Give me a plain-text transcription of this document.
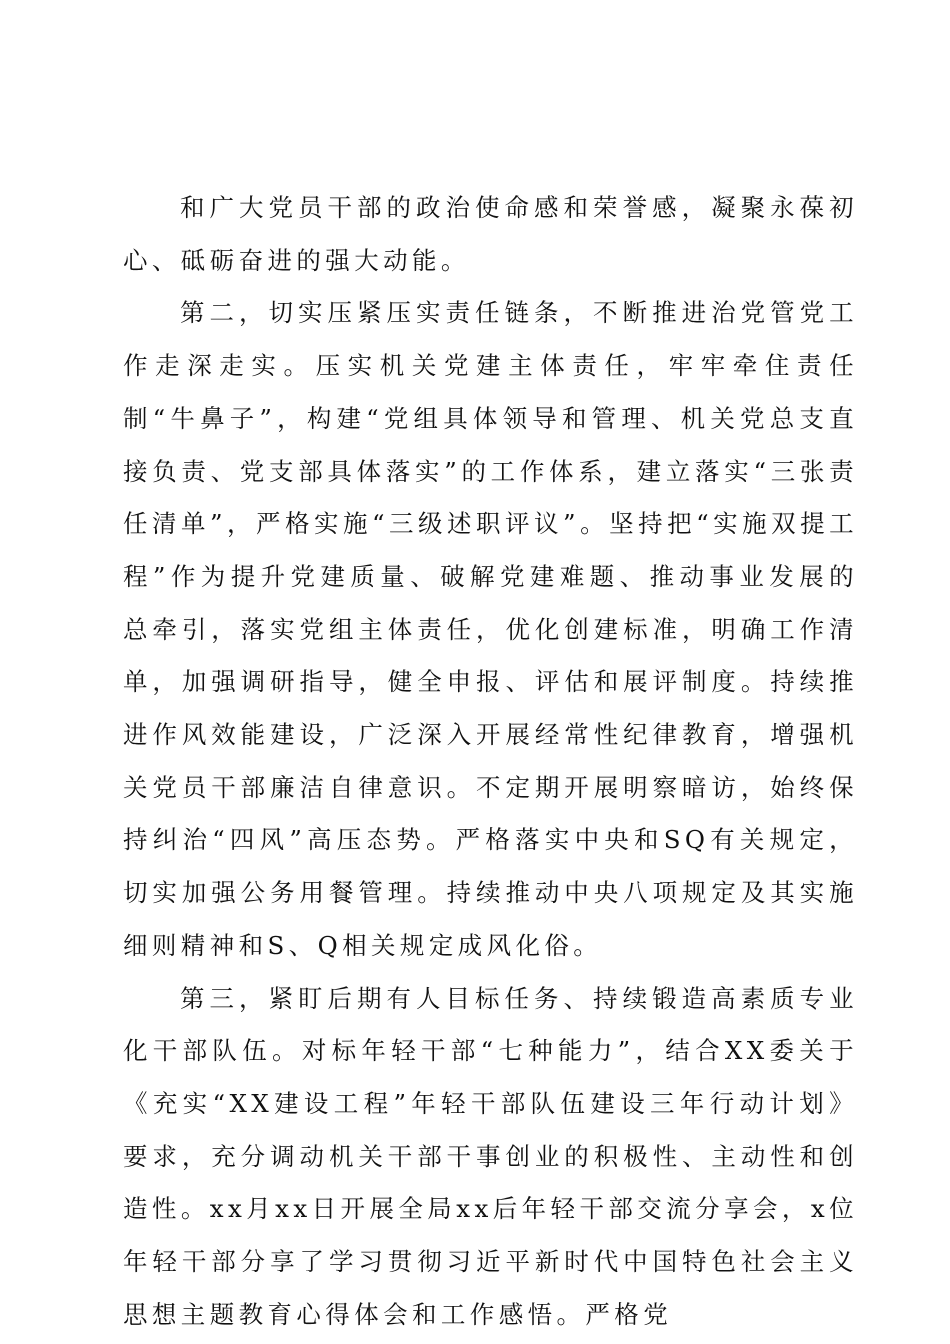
和广大党员干部的政治使命感和荣誉感，凝聚永葆初心、砥砺奋进的强大动能。

第二，切实压紧压实责任链条，不断推进治党管党工作走深走实。压实机关党建主体责任，牢牢牵住责任制“牛鼻子”，构建“党组具体领导和管理、机关党总支直接负责、党支部具体落实”的工作体系，建立落实“三张责任清单”，严格实施“三级述职评议”。坚持把“实施双提工程”作为提升党建质量、破解党建难题、推动事业发展的总牵引，落实党组主体责任，优化创建标准，明确工作清单，加强调研指导，健全申报、评估和展评制度。持续推进作风效能建设，广泛深入开展经常性纪律教育，增强机关党员干部廉洁自律意识。不定期开展明察暗访，始终保持纠治“四风”高压态势。严格落实中央和SQ有关规定，切实加强公务用餐管理。持续推动中央八项规定及其实施细则精神和S、Q相关规定成风化俗。

第三，紧盯后期有人目标任务、持续锻造高素质专业化干部队伍。对标年轻干部“七种能力”，结合XX委关于《充实“XX建设工程”年轻干部队伍建设三年行动计划》要求，充分调动机关干部干事创业的积极性、主动性和创造性。xx月xx日开展全局xx后年轻干部交流分享会，x位年轻干部分享了学习贯彻习近平新时代中国特色社会主义思想主题教育心得体会和工作感悟。严格党
